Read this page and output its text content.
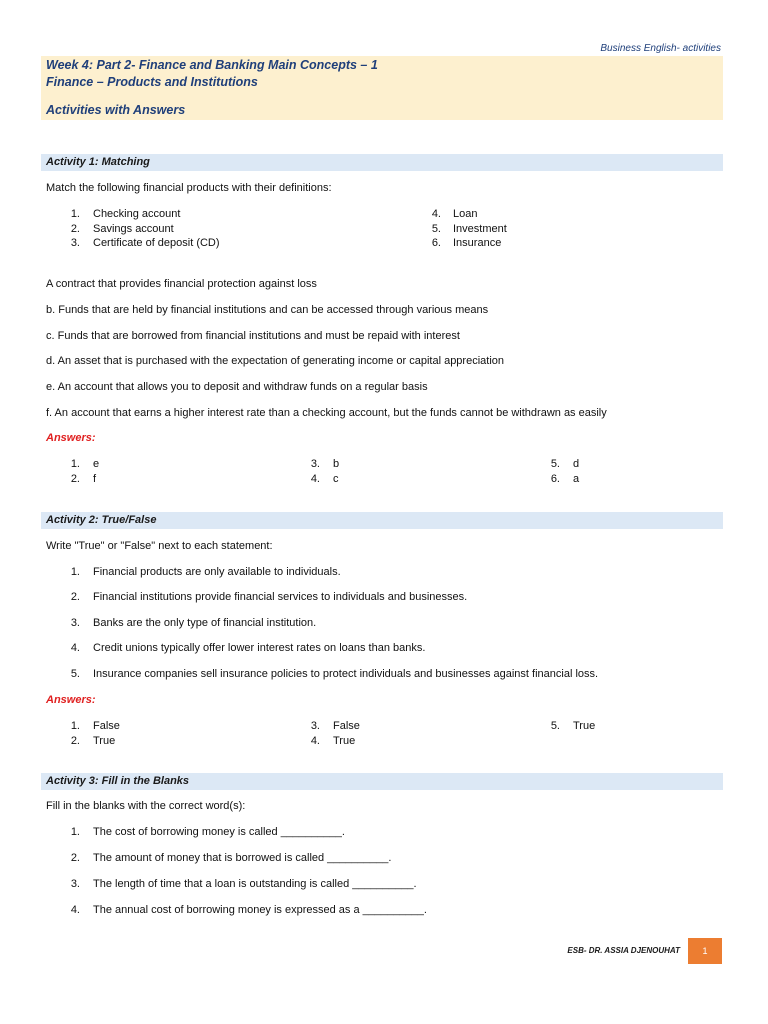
Business English- activities
Week 4: Part 2- Finance and Banking Main Concepts – 1
Finance – Products and Institutions
Activities with Answers
Activity 1: Matching
Match the following financial products with their definitions:
1. Checking account
2. Savings account
3. Certificate of deposit (CD)
4. Loan
5. Investment
6. Insurance
A contract that provides financial protection against loss
b. Funds that are held by financial institutions and can be accessed through various means
c. Funds that are borrowed from financial institutions and must be repaid with interest
d. An asset that is purchased with the expectation of generating income or capital appreciation
e. An account that allows you to deposit and withdraw funds on a regular basis
f. An account that earns a higher interest rate than a checking account, but the funds cannot be withdrawn as easily
Answers:
1. e
2. f
3. b
4. c
5. d
6. a
Activity 2: True/False
Write "True" or "False" next to each statement:
1. Financial products are only available to individuals.
2. Financial institutions provide financial services to individuals and businesses.
3. Banks are the only type of financial institution.
4. Credit unions typically offer lower interest rates on loans than banks.
5. Insurance companies sell insurance policies to protect individuals and businesses against financial loss.
Answers:
1. False
2. True
3. False
4. True
5. True
Activity 3: Fill in the Blanks
Fill in the blanks with the correct word(s):
1. The cost of borrowing money is called __________.
2. The amount of money that is borrowed is called __________.
3. The length of time that a loan is outstanding is called __________.
4. The annual cost of borrowing money is expressed as a __________.
ESB- DR. ASSIA DJENOUHAT	1
